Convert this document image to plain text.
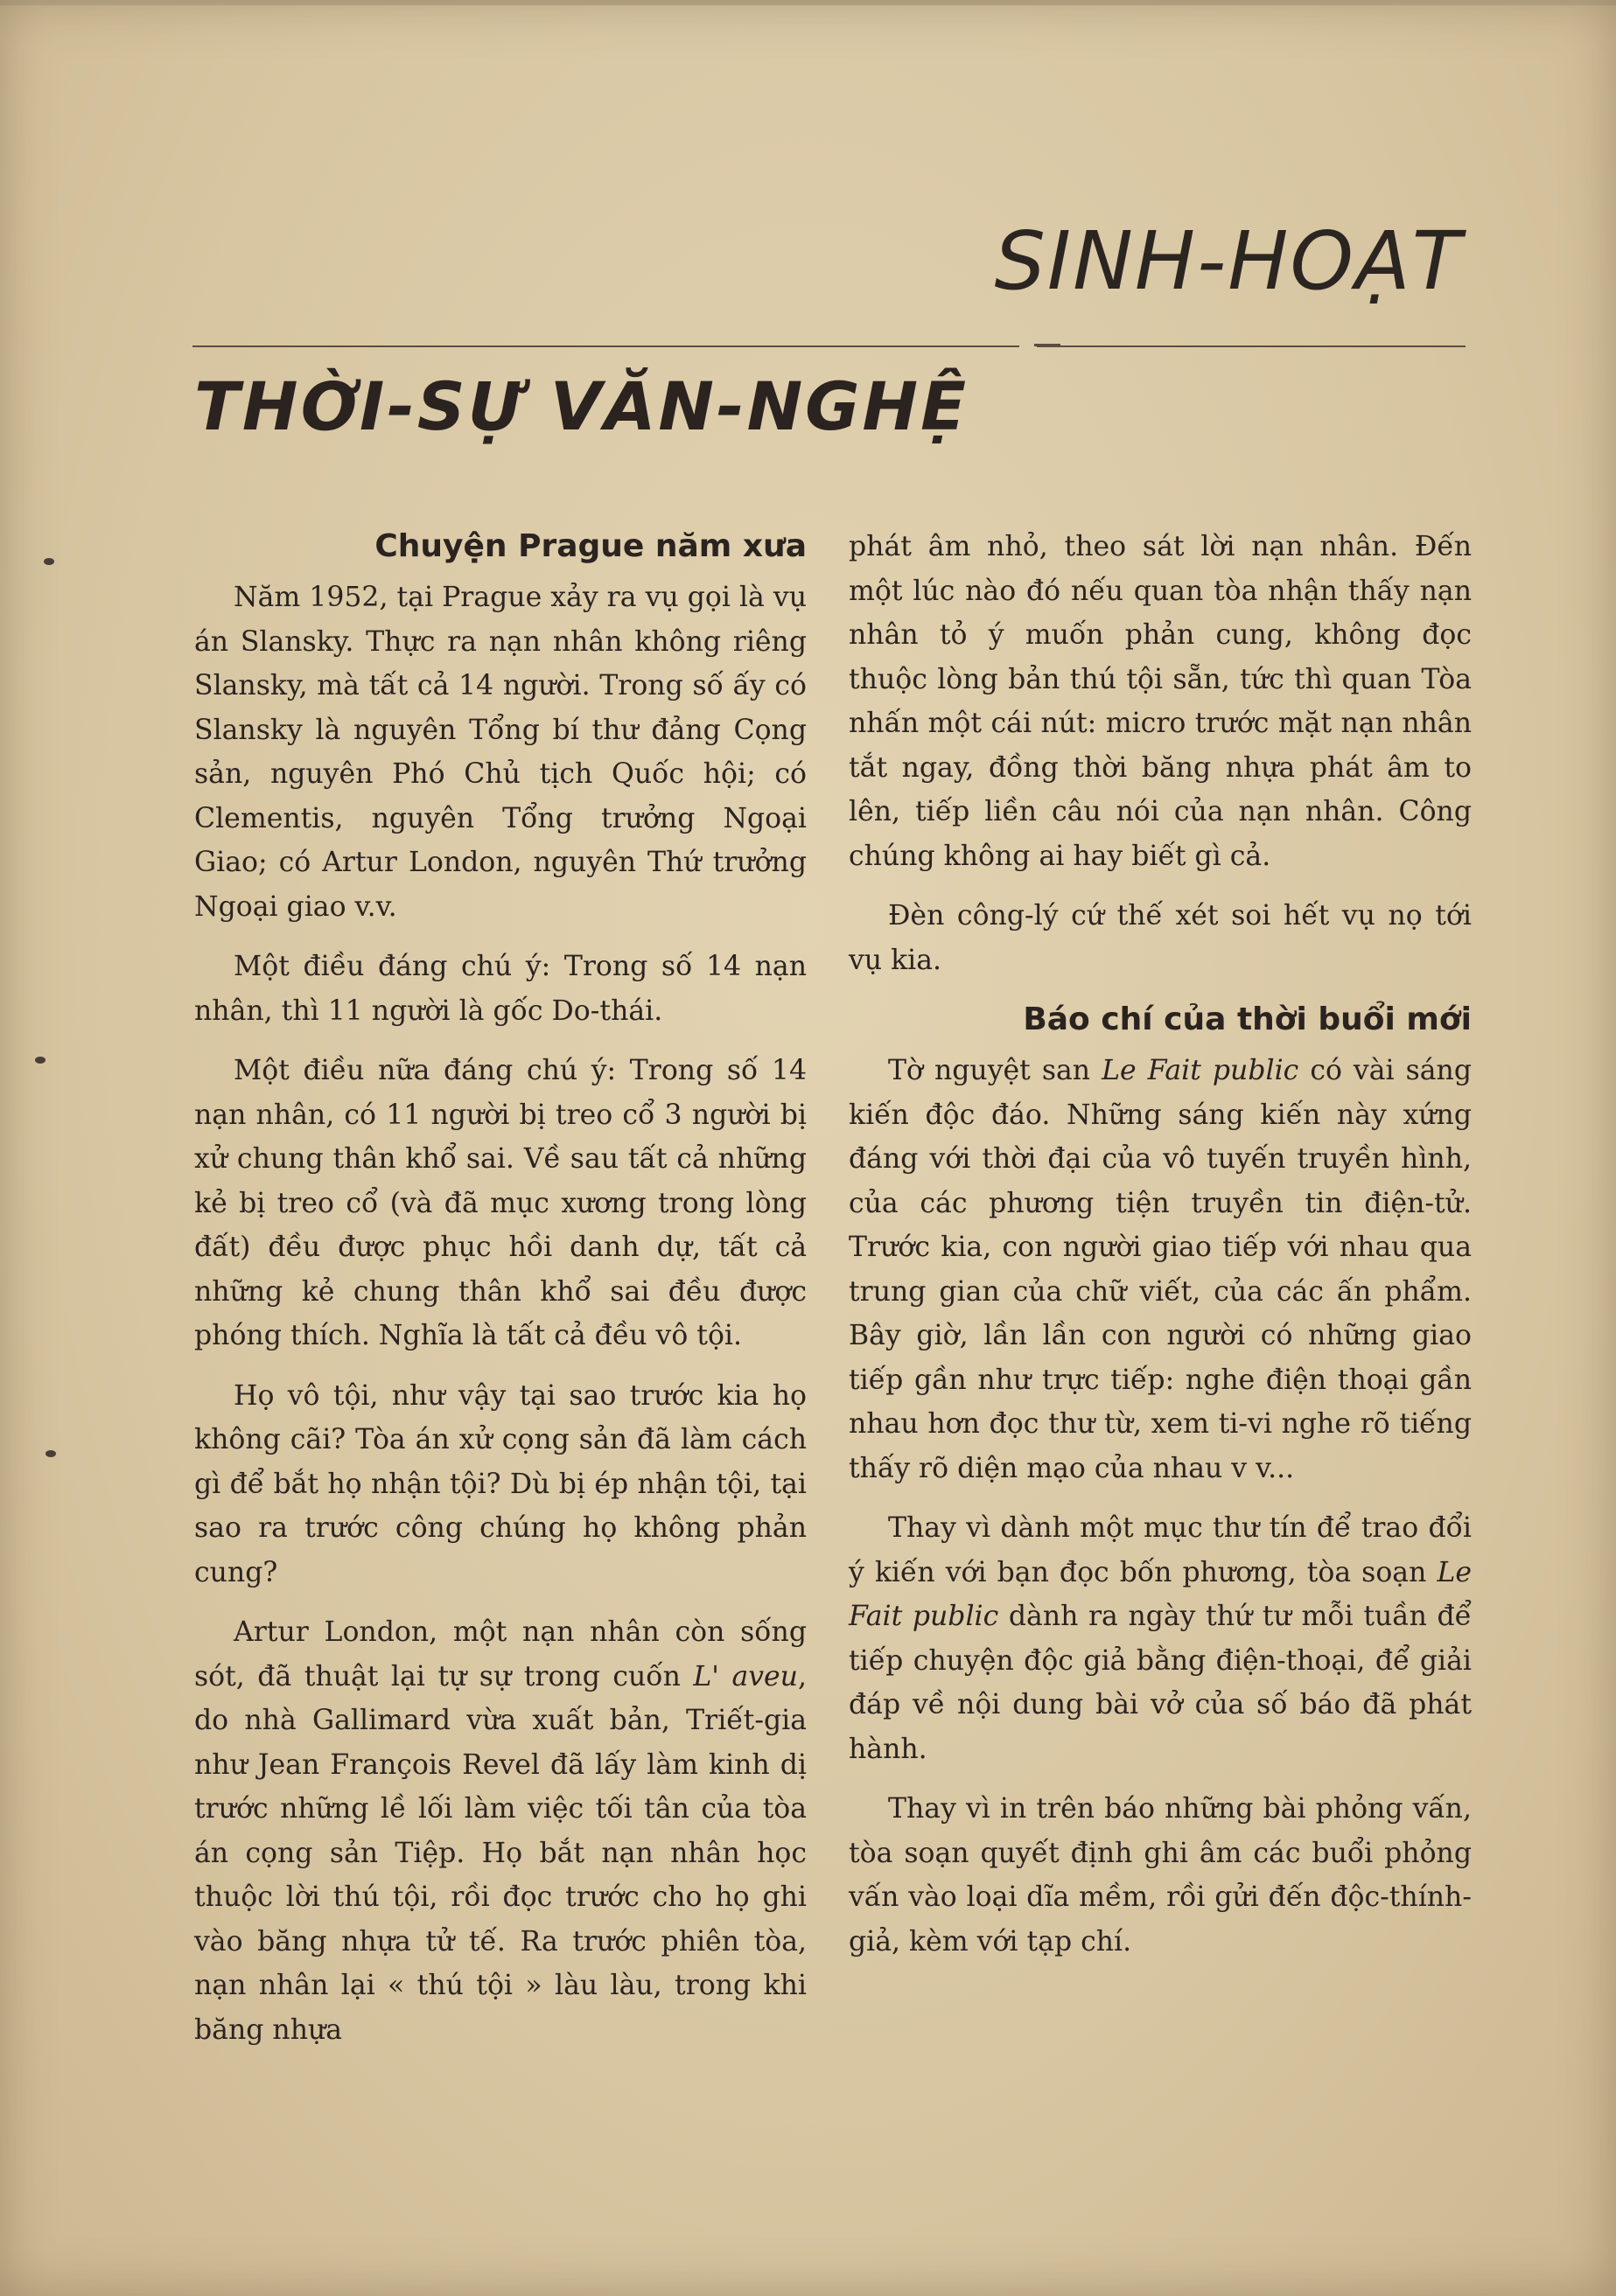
SINH-HOẠT
THỜI-SỰ VĂN-NGHỆ
Chuyện Prague năm xưa

Năm 1952, tại Prague xảy ra vụ gọi là vụ án Slansky. Thực ra nạn nhân không riêng Slansky, mà tất cả 14 người. Trong số ấy có Slansky là nguyên Tổng bí thư đảng Cọng sản, nguyên Phó Chủ tịch Quốc hội; có Clementis, nguyên Tổng trưởng Ngoại Giao; có Artur London, nguyên Thứ trưởng Ngoại giao v.v.

Một điều đáng chú ý: Trong số 14 nạn nhân, thì 11 người là gốc Do-thái.

Một điều nữa đáng chú ý: Trong số 14 nạn nhân, có 11 người bị treo cổ 3 người bị xử chung thân khổ sai. Về sau tất cả những kẻ bị treo cổ (và đã mục xương trong lòng đất) đều được phục hồi danh dự, tất cả những kẻ chung thân khổ sai đều được phóng thích. Nghĩa là tất cả đều vô tội.

Họ vô tội, như vậy tại sao trước kia họ không cãi? Tòa án xử cọng sản đã làm cách gì để bắt họ nhận tội? Dù bị ép nhận tội, tại sao ra trước công chúng họ không phản cung?

Artur London, một nạn nhân còn sống sót, đã thuật lại tự sự trong cuốn L' aveu, do nhà Gallimard vừa xuất bản, Triết-gia như Jean François Revel đã lấy làm kinh dị trước những lề lối làm việc tối tân của tòa án cọng sản Tiệp. Họ bắt nạn nhân học thuộc lời thú tội, rồi đọc trước cho họ ghi vào băng nhựa tử tế. Ra trước phiên tòa, nạn nhân lại « thú tội » làu làu, trong khi băng nhựa

phát âm nhỏ, theo sát lời nạn nhân. Đến một lúc nào đó nếu quan tòa nhận thấy nạn nhân tỏ ý muốn phản cung, không đọc thuộc lòng bản thú tội sẵn, tức thì quan Tòa nhấn một cái nút: micro trước mặt nạn nhân tắt ngay, đồng thời băng nhựa phát âm to lên, tiếp liền câu nói của nạn nhân. Công chúng không ai hay biết gì cả.

Đèn công-lý cứ thế xét soi hết vụ nọ tới vụ kia.

Báo chí của thời buổi mới

Tờ nguyệt san Le Fait public có vài sáng kiến độc đáo. Những sáng kiến này xứng đáng với thời đại của vô tuyến truyền hình, của các phương tiện truyền tin điện-tử. Trước kia, con người giao tiếp với nhau qua trung gian của chữ viết, của các ấn phẩm. Bây giờ, lần lần con người có những giao tiếp gần như trực tiếp: nghe điện thoại gần nhau hơn đọc thư từ, xem ti-vi nghe rõ tiếng thấy rõ diện mạo của nhau v v...

Thay vì dành một mục thư tín để trao đổi ý kiến với bạn đọc bốn phương, tòa soạn Le Fait public dành ra ngày thứ tư mỗi tuần để tiếp chuyện độc giả bằng điện-thoại, để giải đáp về nội dung bài vở của số báo đã phát hành.

Thay vì in trên báo những bài phỏng vấn, tòa soạn quyết định ghi âm các buổi phỏng vấn vào loại dĩa mềm, rồi gửi đến độc-thính-giả, kèm với tạp chí.
